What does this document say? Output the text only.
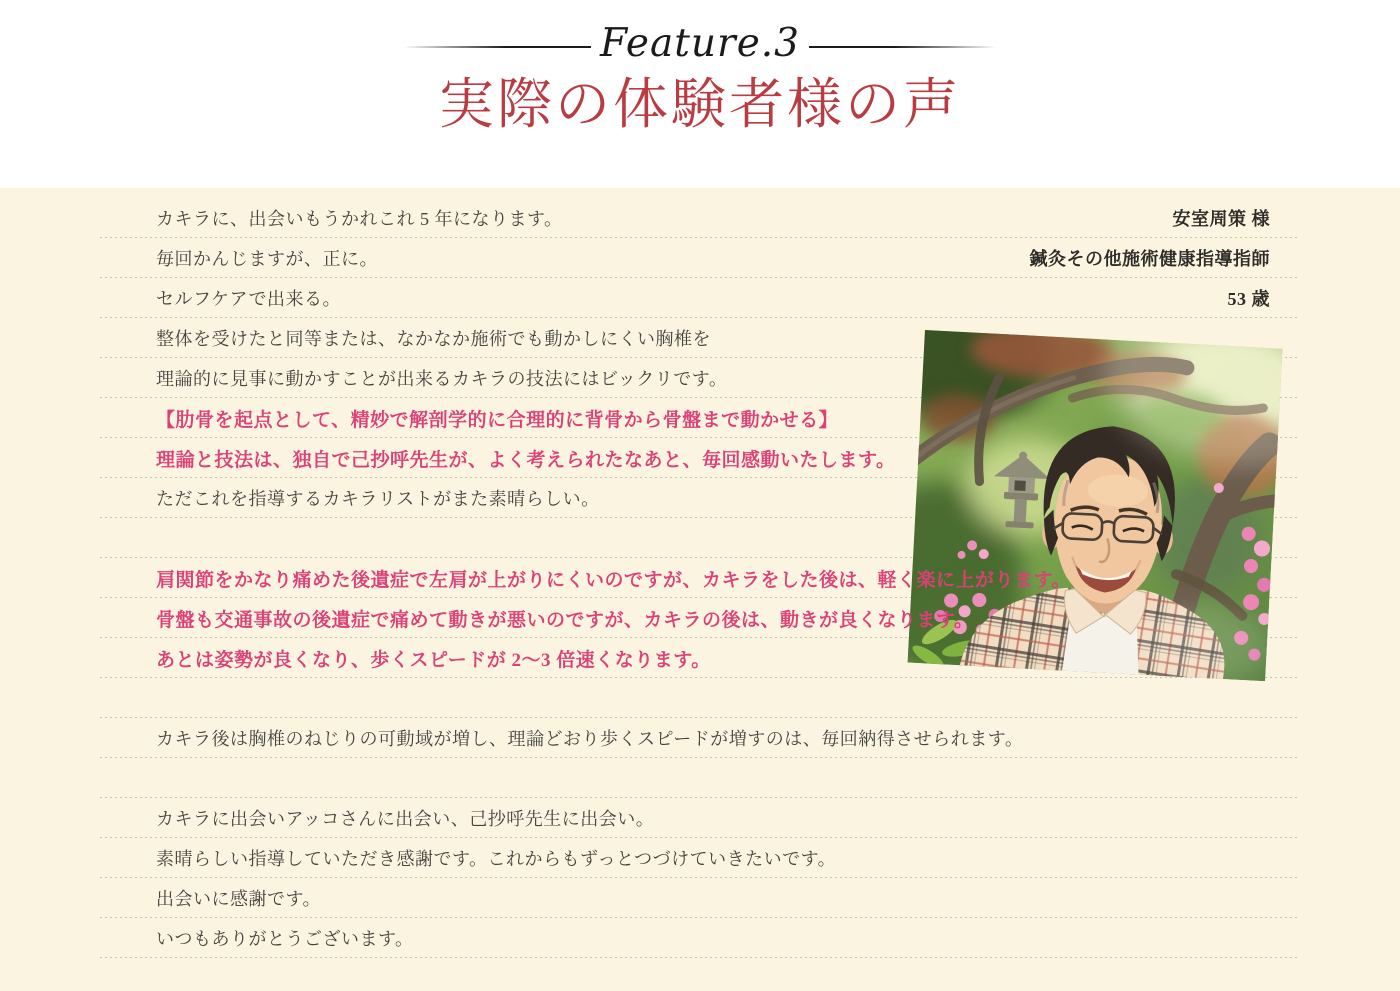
Feature.3
実際の体験者様の声
カキラに、出会いもうかれこれ 5 年になります。	安室周策 様
毎回かんじますが、正に。	鍼灸その他施術健康指導指師
セルフケアで出来る。	53 歳
整体を受けたと同等または、なかなか施術でも動かしにくい胸椎を
理論的に見事に動かすことが出来るカキラの技法にはビックリです。
【肋骨を起点として、精妙で解剖学的に合理的に背骨から骨盤まで動かせる】
理論と技法は、独自で己抄呼先生が、よく考えられたなあと、毎回感動いたします。
ただこれを指導するカキラリストがまた素晴らしい。
肩関節をかなり痛めた後遺症で左肩が上がりにくいのですが、カキラをした後は、軽く楽に上がります。
骨盤も交通事故の後遺症で痛めて動きが悪いのですが、カキラの後は、動きが良くなります。
あとは姿勢が良くなり、歩くスピードが 2〜3 倍速くなります。
カキラ後は胸椎のねじりの可動域が増し、理論どおり歩くスピードが増すのは、毎回納得させられます。
カキラに出会いアッコさんに出会い、己抄呼先生に出会い。
素晴らしい指導していただき感謝です。これからもずっとつづけていきたいです。
出会いに感謝です。
いつもありがとうございます。
